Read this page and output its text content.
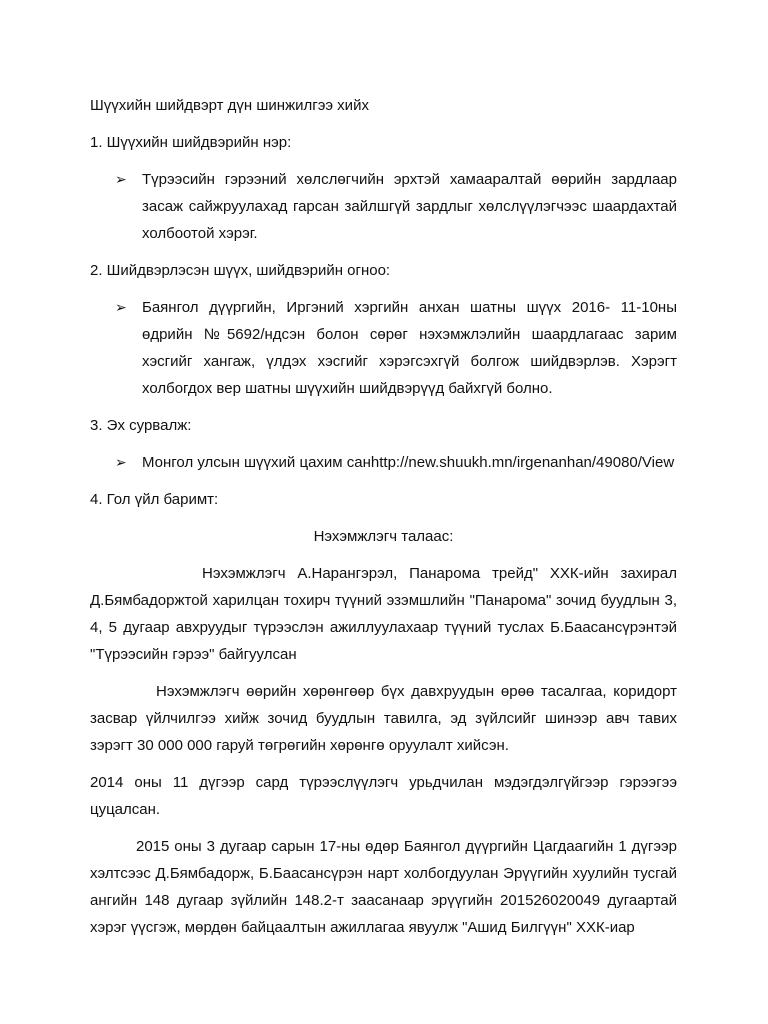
Шүүхийн шийдвэрт дүн шинжилгээ хийх

1. Шүүхийн шийдвэрийн нэр:

➢	Түрээсийн гэрээний хөлслөгчийн эрхтэй хамааралтай өөрийн зардлаар засаж сайжруулахад гарсан зайлшгүй зардлыг хөлслүүлэгчээс шаардахтай холбоотой хэрэг.

2. Шийдвэрлэсэн шүүх, шийдвэрийн огноо:

➢	Баянгол дүүргийн, Иргэний хэргийн анхан шатны шүүх 2016- 11-10ны өдрийн №5692/ндсэн болон сөрөг нэхэмжлэлийн шаардлагаас зарим хэсгийг хангаж, үлдэх хэсгийг хэрэгсэхгүй болгож шийдвэрлэв. Хэрэгт холбогдох вер шатны шүүхийн шийдвэрүүд байхгүй болно.

3. Эх сурвалж:

➢	Монгол улсын шүүхий цахим санhttp://new.shuukh.mn/irgenanhan/49080/View

4. Гол үйл баримт:

Нэхэмжлэгч талаас:

Нэхэмжлэгч А.Нарангэрэл, Панарома трейд" ХХК-ийн захирал Д.Бямбадоржтой харилцан тохирч түүний эзэмшлийн "Панарома" зочид буудлын 3, 4, 5 дугаар авхруудыг түрээслэн ажиллуулахаар түүний туслах Б.Баасансүрэнтэй "Түрээсийн гэрээ" байгуулсан

Нэхэмжлэгч өөрийн хөрөнгөөр бүх давхруудын өрөө тасалгаа, коридорт засвар үйлчилгээ хийж зочид буудлын тавилга, эд зүйлсийг шинээр авч тавих зэрэгт 30 000 000 гаруй төгрөгийн хөрөнгө оруулалт хийсэн.

2014 оны 11 дүгээр сард түрээслүүлэгч урьдчилан мэдэгдэлгүйгээр гэрээгээ цуцалсан.

2015 оны 3 дугаар сарын 17-ны өдөр Баянгол дүүргийн Цагдаагийн 1 дүгээр хэлтсээс Д.Бямбадорж, Б.Баасансүрэн нарт холбогдуулан Эрүүгийн хуулийн тусгай ангийн 148 дугаар зүйлийн 148.2-т заасанаар эрүүгийн 201526020049 дугаартай хэрэг үүсгэж, мөрдөн байцаалтын ажиллагаа явуулж "Ашид Билгүүн" ХХК-иар
